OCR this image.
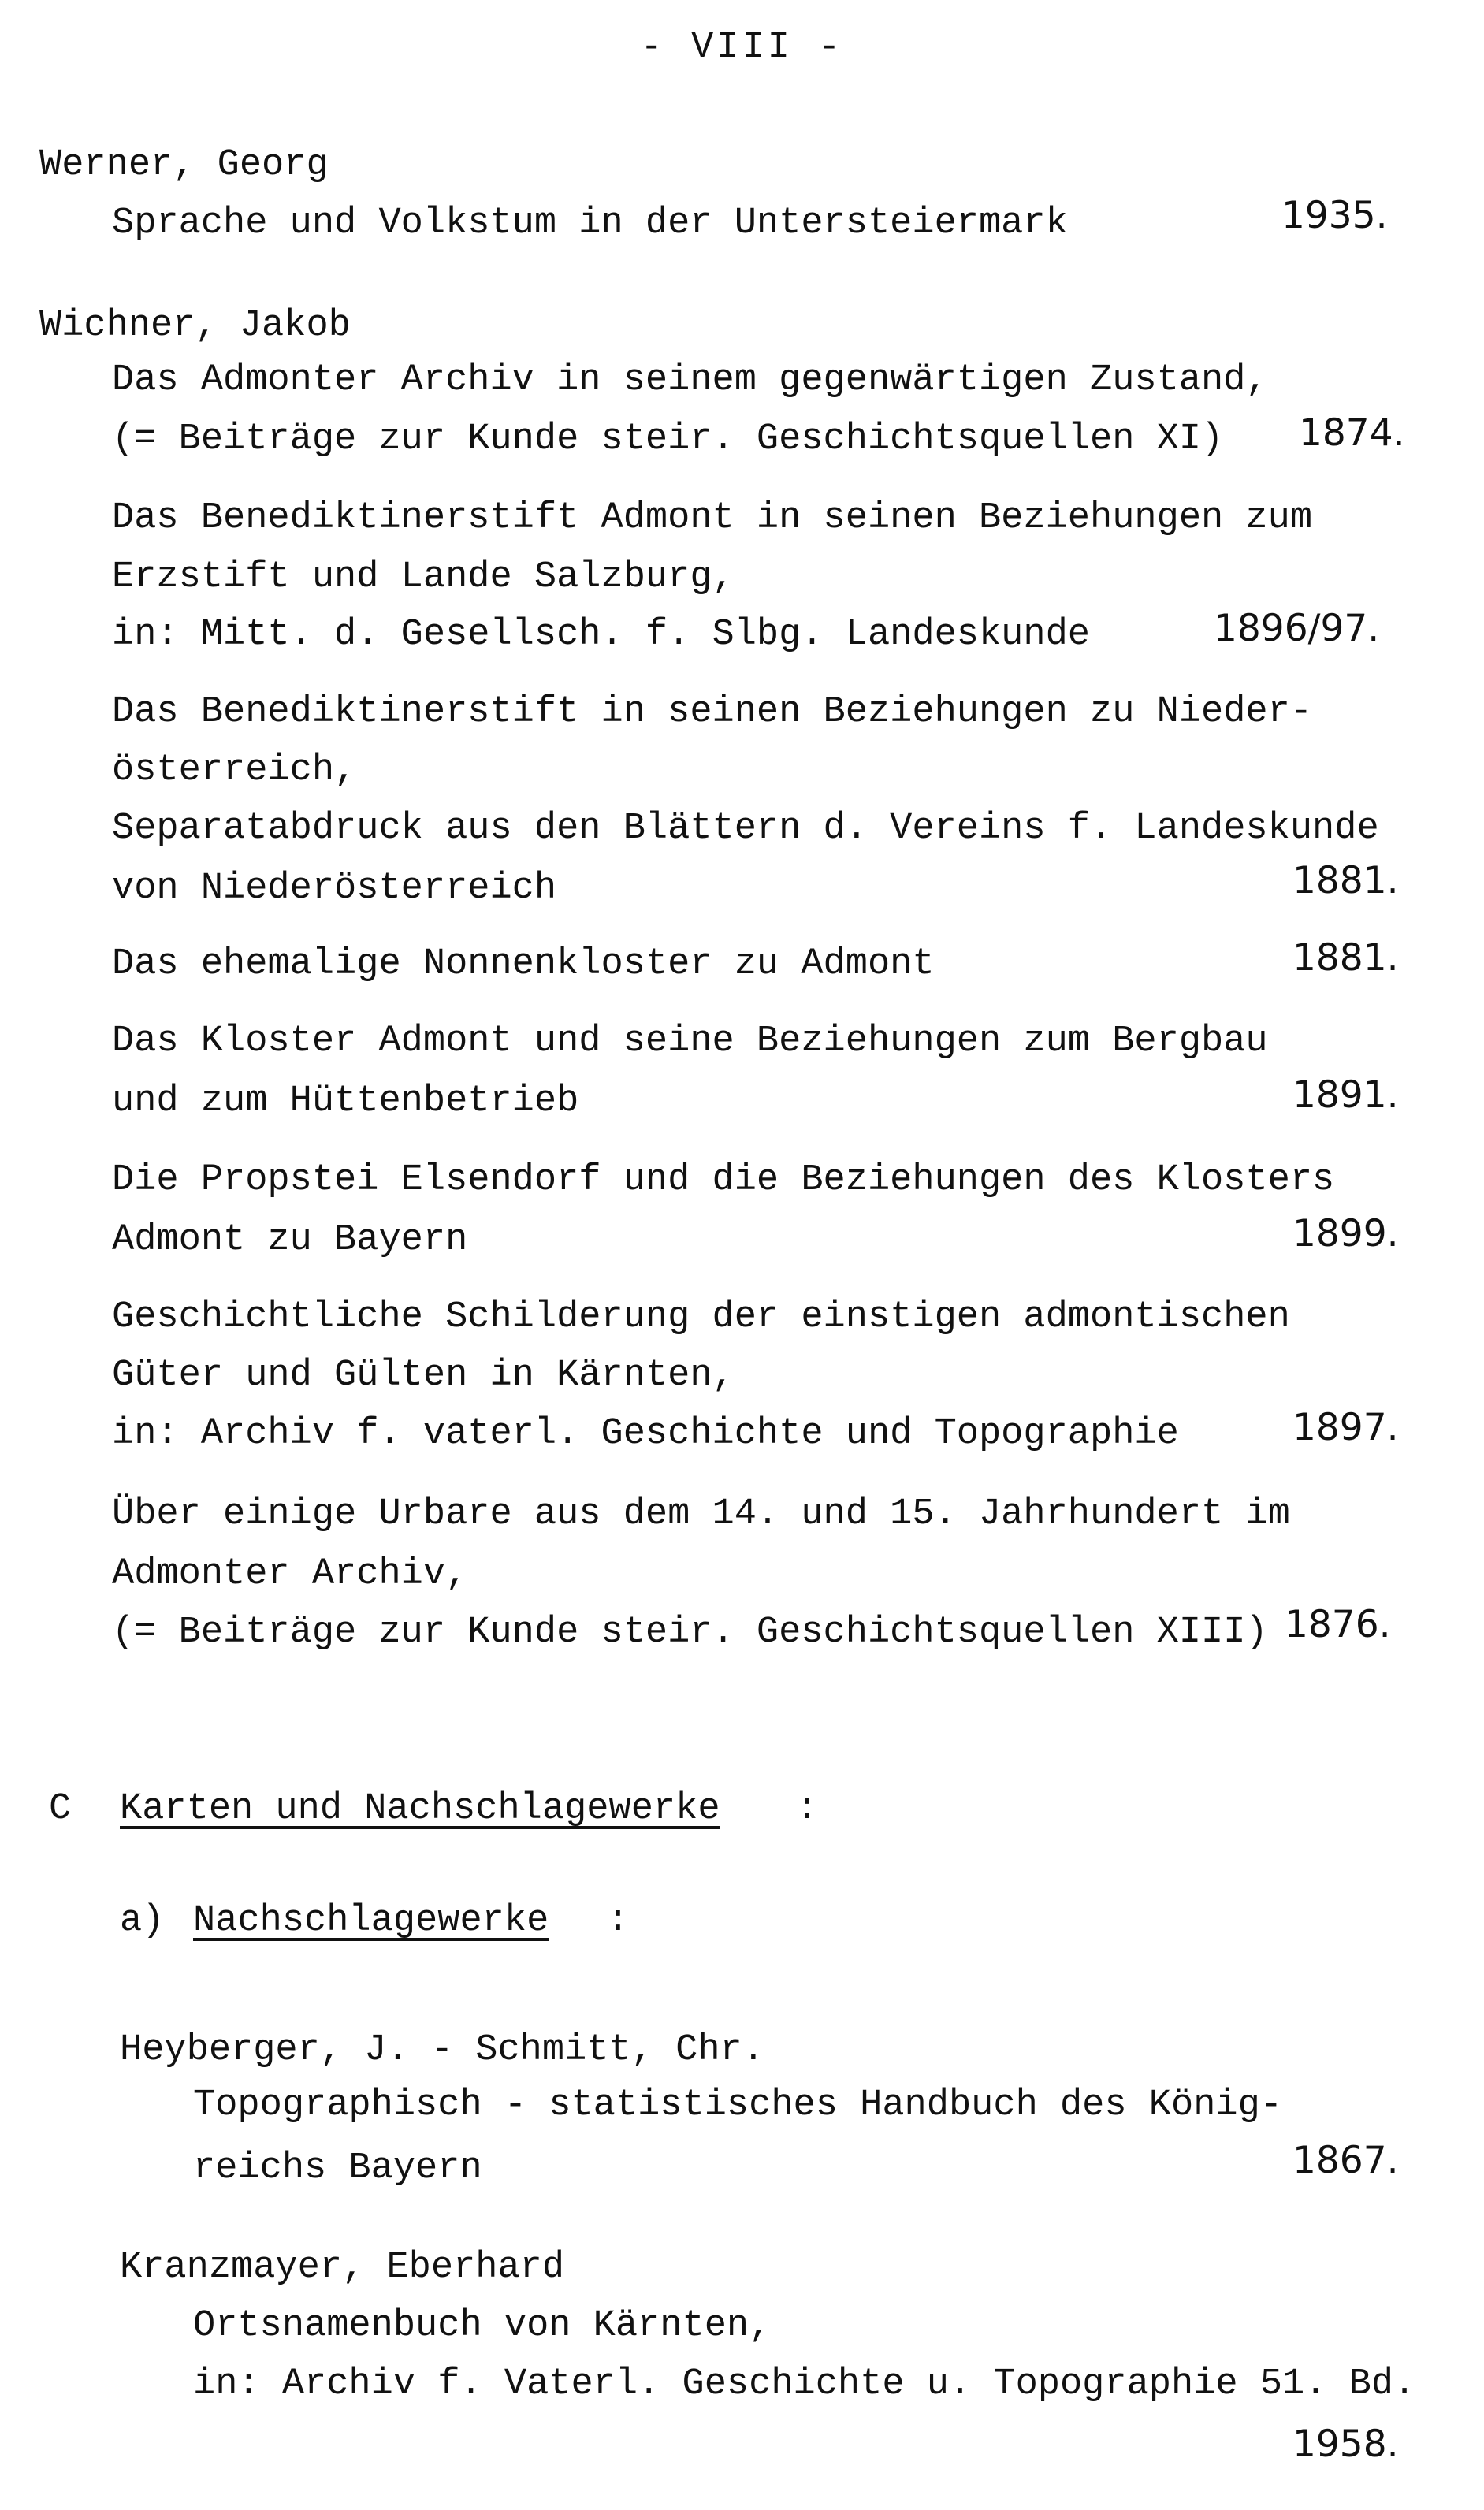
- VIII -
Werner, Georg
Sprache und Volkstum in der Untersteiermark	1935.
Wichner, Jakob
Das Admonter Archiv in seinem gegenwärtigen Zustand,
(= Beiträge zur Kunde steir. Geschichtsquellen XI) 1874.
Das Benediktinerstift Admont in seinen Beziehungen zum
Erzstift und Lande Salzburg,
in: Mitt. d. Gesellsch. f. Slbg. Landeskunde	1896/97.
Das Benediktinerstift in seinen Beziehungen zu Nieder-
österreich,
Separatabdruck aus den Blättern d. Vereins f. Landeskunde
von Niederösterreich	1881.
Das ehemalige Nonnenkloster zu Admont	1881.
Das Kloster Admont und seine Beziehungen zum Bergbau
und zum Hüttenbetrieb	1891.
Die Propstei Elsendorf und die Beziehungen des Klosters
Admont zu Bayern	1899.
Geschichtliche Schilderung der einstigen admontischen
Güter und Gülten in Kärnten,
in: Archiv f. vaterl. Geschichte und Topographie	1897.
Über einige Urbare aus dem 14. und 15. Jahrhundert im
Admonter Archiv,
(= Beiträge zur Kunde steir. Geschichtsquellen XIII) 1876.
C Karten und Nachschlagewerke :
a) Nachschlagewerke :
Heyberger, J. - Schmitt, Chr.
Topographisch - statistisches Handbuch des König-
reichs Bayern	1867.
Kranzmayer, Eberhard
Ortsnamenbuch von Kärnten,
in: Archiv f. Vaterl. Geschichte u. Topographie 51. Bd.
1958.
